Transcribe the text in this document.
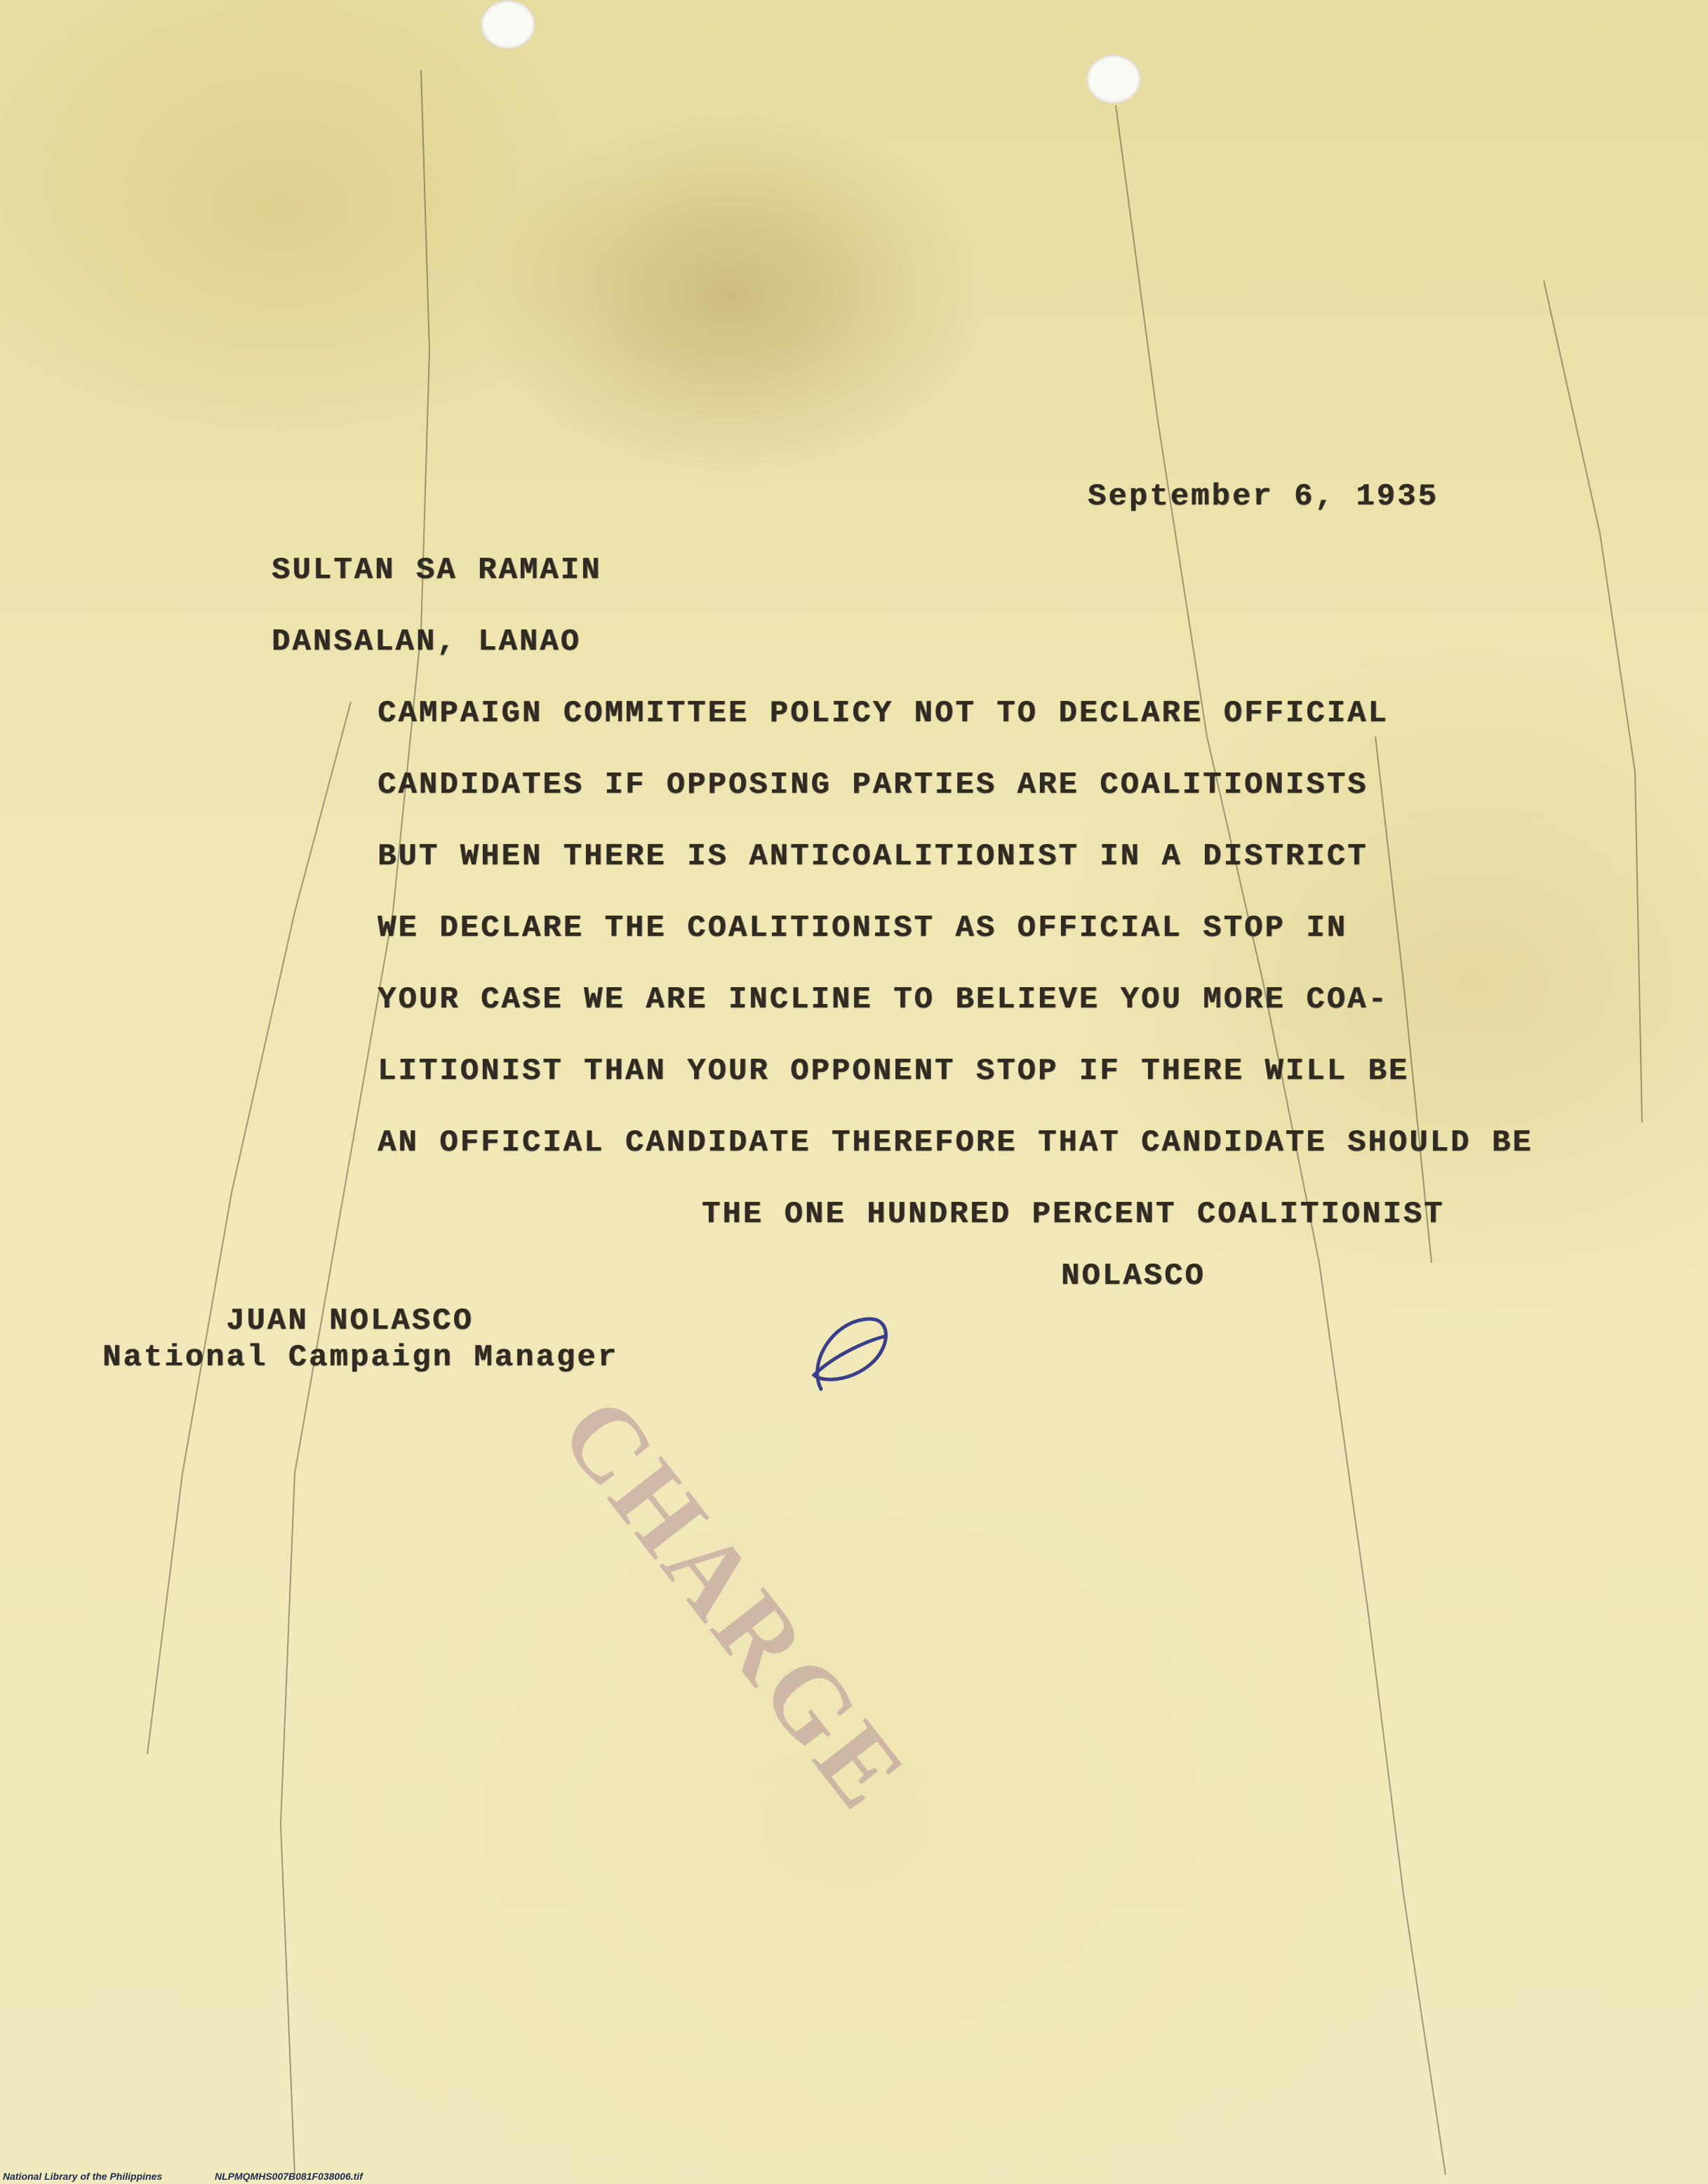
September 6, 1935
SULTAN SA RAMAIN
DANSALAN, LANAO
CAMPAIGN COMMITTEE POLICY NOT TO DECLARE OFFICIAL
CANDIDATES IF OPPOSING PARTIES ARE COALITIONISTS
BUT WHEN THERE IS ANTICOALITIONIST IN A DISTRICT
WE DECLARE THE COALITIONIST AS OFFICIAL STOP IN
YOUR CASE WE ARE INCLINE TO BELIEVE YOU MORE COA-
LITIONIST THAN YOUR OPPONENT STOP IF THERE WILL BE
AN OFFICIAL CANDIDATE THEREFORE THAT CANDIDATE SHOULD BE
THE ONE HUNDRED PERCENT COALITIONIST
NOLASCO
JUAN NOLASCO
National Campaign Manager
CHARGE
National Library of the Philippines	NLPMQMHS007B081F038006.tif
